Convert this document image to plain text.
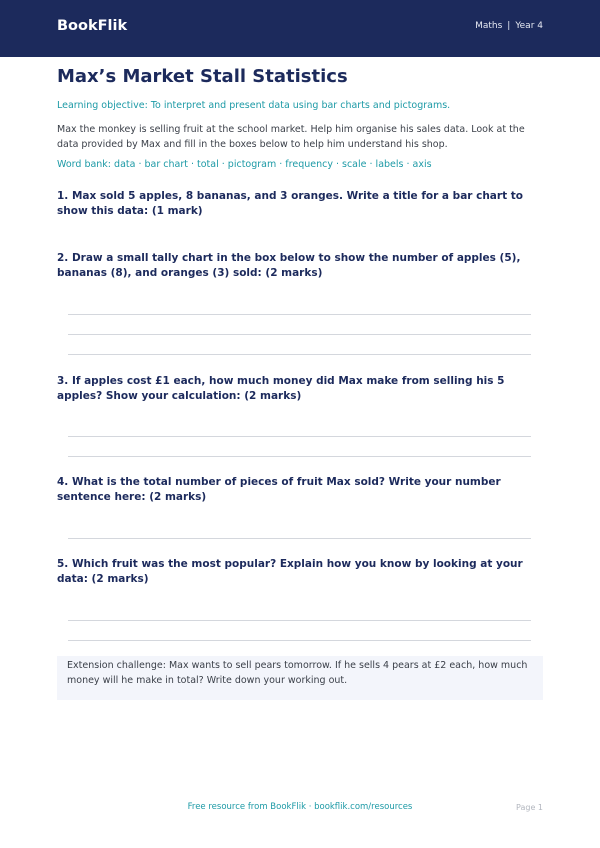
BookFlik	Maths | Year 4
Max’s Market Stall Statistics

Learning objective: To interpret and present data using bar charts and pictograms.

Max the monkey is selling fruit at the school market. Help him organise his sales data. Look at the data provided by Max and fill in the boxes below to help him understand his shop.

Word bank: data · bar chart · total · pictogram · frequency · scale · labels · axis

1. Max sold 5 apples, 8 bananas, and 3 oranges. Write a title for a bar chart to show this data: (1 mark)

2. Draw a small tally chart in the box below to show the number of apples (5), bananas (8), and oranges (3) sold: (2 marks)

3. If apples cost £1 each, how much money did Max make from selling his 5 apples? Show your calculation: (2 marks)

4. What is the total number of pieces of fruit Max sold? Write your number sentence here: (2 marks)

5. Which fruit was the most popular? Explain how you know by looking at your data: (2 marks)

Extension challenge: Max wants to sell pears tomorrow. If he sells 4 pears at £2 each, how much money will he make in total? Write down your working out.

Free resource from BookFlik · bookflik.com/resources	Page 1
